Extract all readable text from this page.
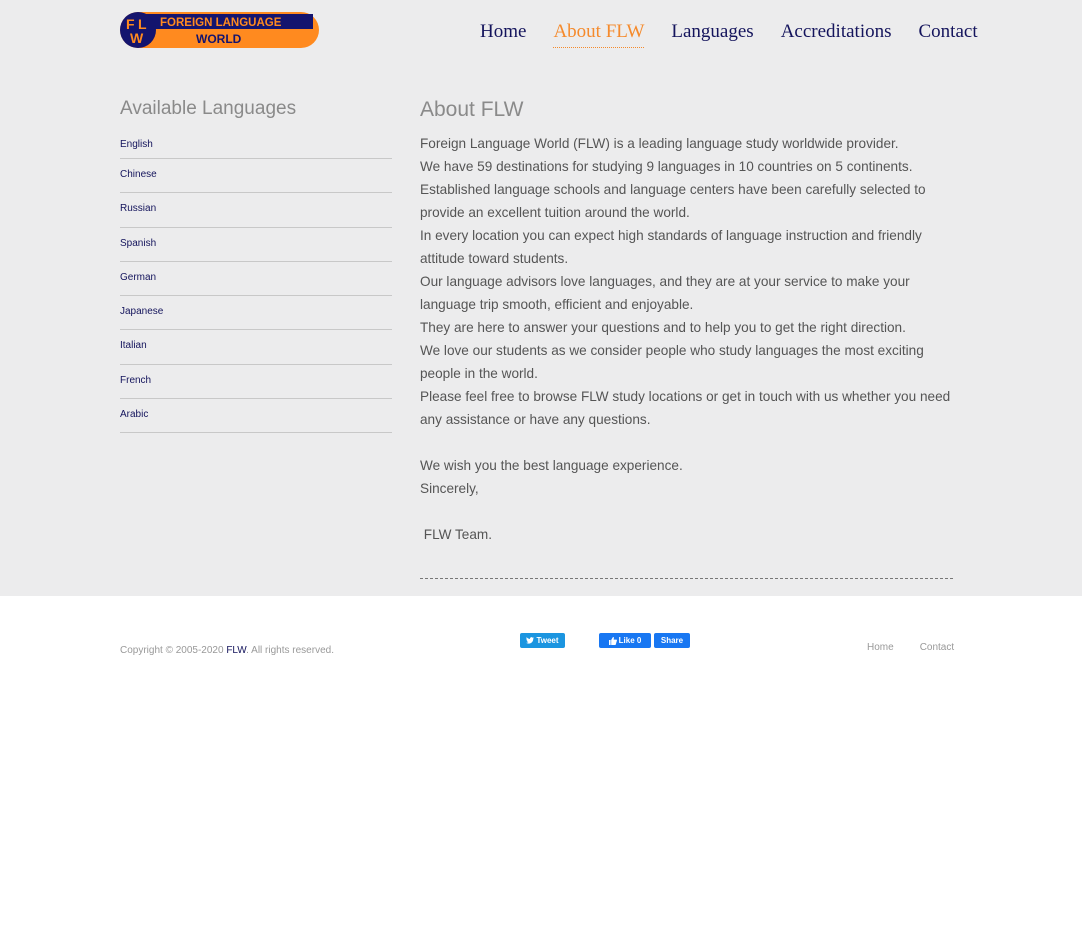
F L
W
FOREIGN LANGUAGE
WORLD	Home About FLW Languages Accreditations Contact
Available Languages
English
Chinese
Russian
Spanish
German
Japanese
Italian
French
Arabic
About FLW

Foreign Language World (FLW) is a leading language study worldwide provider.

We have 59 destinations for studying 9 languages in 10 countries on 5 continents.

Established language schools and language centers have been carefully selected to provide an excellent tuition around the world.

In every location you can expect high standards of language instruction and friendly attitude toward students.

Our language advisors love languages, and they are at your service to make your language trip smooth, efficient and enjoyable.

They are here to answer your questions and to help you to get the right direction.

We love our students as we consider people who study languages the most exciting people in the world.

Please feel free to browse FLW study locations or get in touch with us whether you need any assistance or have any questions.

We wish you the best language experience.

Sincerely,

FLW Team.

Copyright © 2005-2020 FLW. All rights reserved.
Tweet	Like 0	Share
Home	Contact
